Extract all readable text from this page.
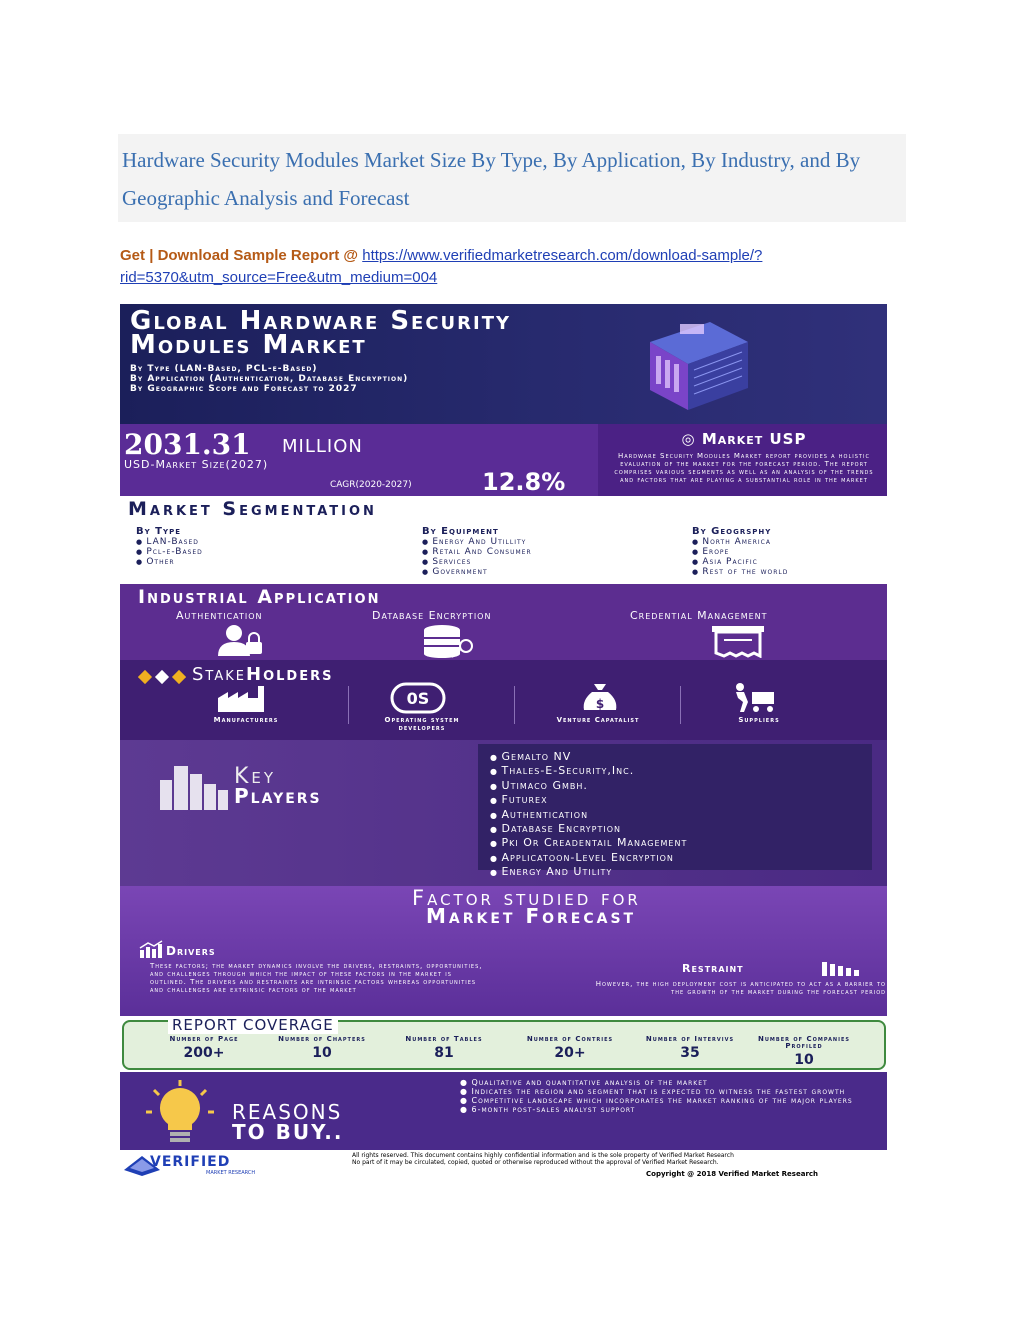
Hardware Security Modules Market Size By Type, By Application, By Industry, and By Geographic Analysis and Forecast
Get | Download Sample Report @ https://www.verifiedmarketresearch.com/download-sample/?rid=5370&utm_source=Free&utm_medium=004
Global Hardware Security
Modules Market
By Type (LAN-Based, PCL-e-Based)
By Application (Authentication, Database Encryption)
By Geographic Scope and Forecast to 2027
2031.31 MILLION
USD-Market Size(2027)
CAGR(2020-2027)	12.8%
◎ Market USP
Hardware Security Modules Market report provides a holistic evaluation of the market for the forecast period. The report comprises various segments as well as an analysis of the trends and factors that are playing a substantial role in the market
Market Segmentation
By Type
● LAN-Based
● Pcl-e-Based
● Other
By Equipment
● Energy And Utillity
● Retail And Consumer
● Services
● Government
By Geogrsphy
● North America
● Erope
● Asia Pacific
● Rest of the world
Industrial Application
Authentication	Database Encryption	Credential Management
StakeHolders
Manufacturers
0S
Operating system developers
$
Venture Capatalist	Suppliers
Key
Players
● Gemalto NV
● Thales-E-Security,Inc.
● Utimaco Gmbh.
● Futurex
● Authentication
● Database Encryption
● Pki Or Creadentail Management
● Applicatoon-Level Encryption
● Energy And Utility
Factor studied for
Market Forecast
Drivers
These factors; the market dynamics involve the drivers, restraints, opportunities, and challenges through which the impact of these factors in the market is outlined. The drivers and restraints are intrinsic factors whereas opportunities and challenges are extrinsic factors of the market
Restraint
However, the high deployment cost is anticipated to act as a barrier to the growth of the market during the forecast period
REPORT COVERAGE
Number of Page
200+
Number of Chapters
10
Number of Tables
81
Number of Contries
20+
Number of Intervivs
35
Number of Companies Profiled
10
REASONS
TO BUY..
● Qualitative and quantitative analysis of the market
● Indicates the region and segment that is expected to witness the fastest growth
● Competitive landscape which incorporates the market ranking of the major players
● 6-month post-sales analyst support
VERIFIED
MARKET RESEARCH
All rights reserved. This document contains highly confidential information and is the sole property of Verified Market Research
No part of it may be circulated, copied, quoted or otherwise reproduced without the approval of Verified Market Research.
Copyright @ 2018 Verified Market Research
